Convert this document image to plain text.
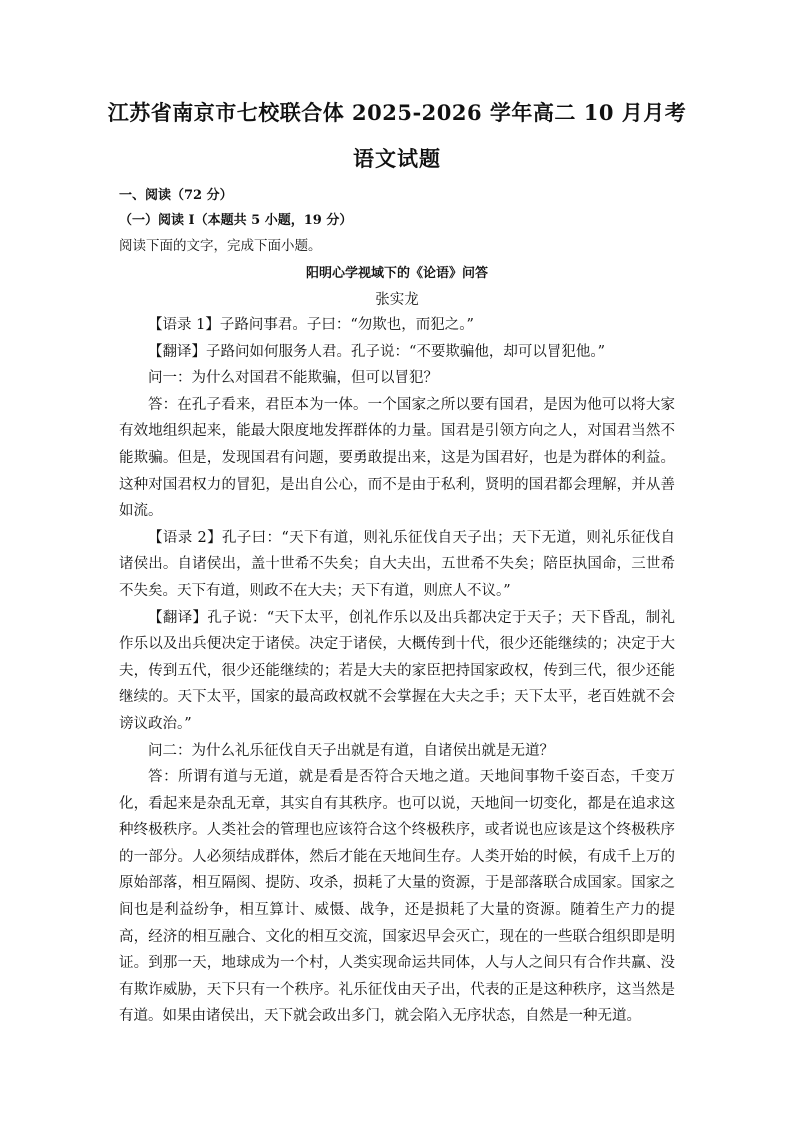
江苏省南京市七校联合体 2025-2026 学年高二 10 月月考
语文试题
一、阅读（72 分）
（一）阅读 I（本题共 5 小题，19 分）
阅读下面的文字，完成下面小题。
阳明心学视域下的《论语》问答
张实龙

【语录 1】子路问事君。子曰：“勿欺也，而犯之。”

【翻译】子路问如何服务人君。孔子说：“不要欺骗他，却可以冒犯他。”

问一：为什么对国君不能欺骗，但可以冒犯？

答：在孔子看来，君臣本为一体。一个国家之所以要有国君，是因为他可以将大家有效地组织起来，能最大限度地发挥群体的力量。国君是引领方向之人，对国君当然不能欺骗。但是，发现国君有问题，要勇敢提出来，这是为国君好，也是为群体的利益。这种对国君权力的冒犯，是出自公心，而不是由于私利，贤明的国君都会理解，并从善如流。

【语录 2】孔子曰：“天下有道，则礼乐征伐自天子出；天下无道，则礼乐征伐自诸侯出。自诸侯出，盖十世希不失矣；自大夫出，五世希不失矣；陪臣执国命，三世希不失矣。天下有道，则政不在大夫；天下有道，则庶人不议。”

【翻译】孔子说：“天下太平，创礼作乐以及出兵都决定于天子；天下昏乱，制礼作乐以及出兵便决定于诸侯。决定于诸侯，大概传到十代，很少还能继续的；决定于大夫，传到五代，很少还能继续的；若是大夫的家臣把持国家政权，传到三代，很少还能继续的。天下太平，国家的最高政权就不会掌握在大夫之手；天下太平，老百姓就不会谤议政治。”

问二：为什么礼乐征伐自天子出就是有道，自诸侯出就是无道？

答：所谓有道与无道，就是看是否符合天地之道。天地间事物千姿百态，千变万化，看起来是杂乱无章，其实自有其秩序。也可以说，天地间一切变化，都是在追求这种终极秩序。人类社会的管理也应该符合这个终极秩序，或者说也应该是这个终极秩序的一部分。人必须结成群体，然后才能在天地间生存。人类开始的时候，有成千上万的原始部落，相互隔阂、提防、攻杀，损耗了大量的资源，于是部落联合成国家。国家之间也是利益纷争，相互算计、威慑、战争，还是损耗了大量的资源。随着生产力的提高，经济的相互融合、文化的相互交流，国家迟早会灭亡，现在的一些联合组织即是明证。到那一天，地球成为一个村，人类实现命运共同体，人与人之间只有合作共赢、没有欺诈威胁，天下只有一个秩序。礼乐征伐由天子出，代表的正是这种秩序，这当然是有道。如果由诸侯出，天下就会政出多门，就会陷入无序状态，自然是一种无道。
